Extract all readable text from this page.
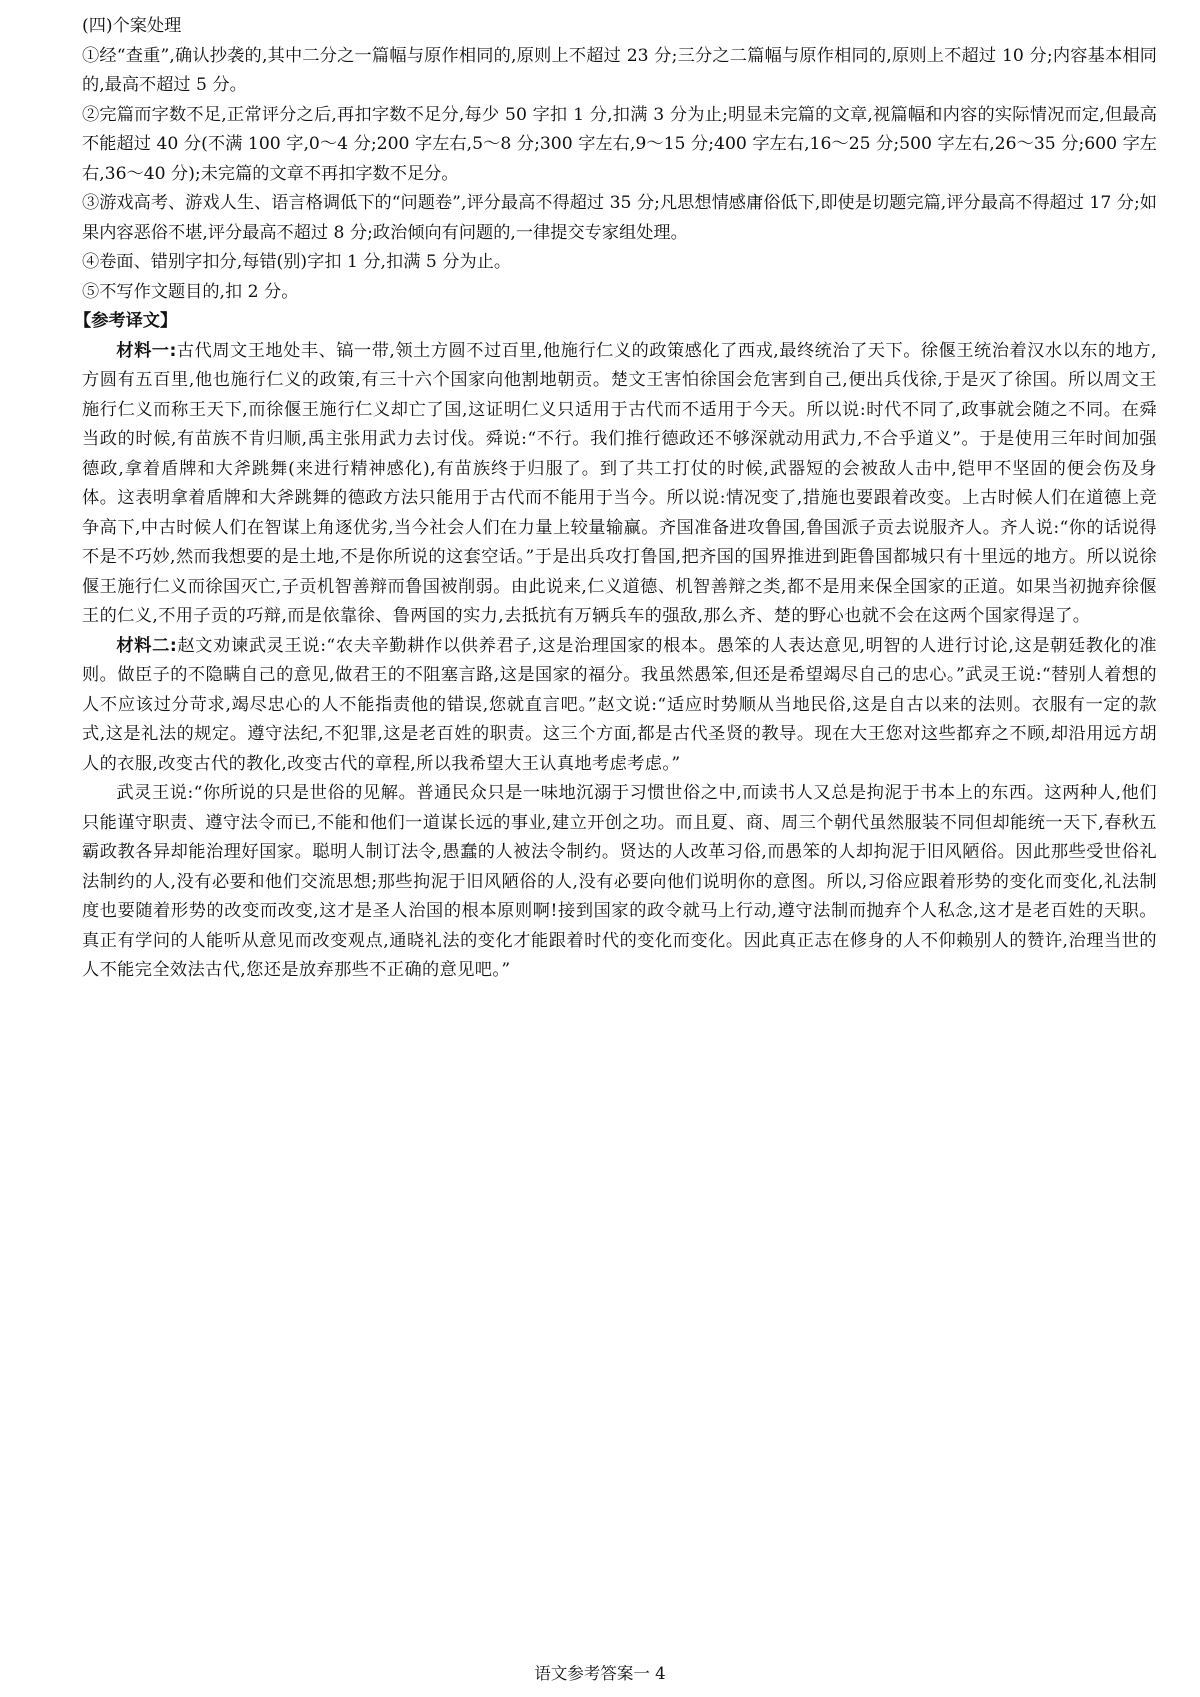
(四)个案处理

①经“查重”,确认抄袭的,其中二分之一篇幅与原作相同的,原则上不超过 23 分;三分之二篇幅与原作相同的,原则上不超过 10 分;内容基本相同的,最高不超过 5 分。

②完篇而字数不足,正常评分之后,再扣字数不足分,每少 50 字扣 1 分,扣满 3 分为止;明显未完篇的文章,视篇幅和内容的实际情况而定,但最高不能超过 40 分(不满 100 字,0～4 分;200 字左右,5～8 分;300 字左右,9～15 分;400 字左右,16～25 分;500 字左右,26～35 分;600 字左右,36～40 分);未完篇的文章不再扣字数不足分。

③游戏高考、游戏人生、语言格调低下的“问题卷”,评分最高不得超过 35 分;凡思想情感庸俗低下,即使是切题完篇,评分最高不得超过 17 分;如果内容恶俗不堪,评分最高不超过 8 分;政治倾向有问题的,一律提交专家组处理。

④卷面、错别字扣分,每错(别)字扣 1 分,扣满 5 分为止。

⑤不写作文题目的,扣 2 分。

【参考译文】

材料一:古代周文王地处丰、镐一带,领土方圆不过百里,他施行仁义的政策感化了西戎,最终统治了天下。徐偃王统治着汉水以东的地方,方圆有五百里,他也施行仁义的政策,有三十六个国家向他割地朝贡。楚文王害怕徐国会危害到自己,便出兵伐徐,于是灭了徐国。所以周文王施行仁义而称王天下,而徐偃王施行仁义却亡了国,这证明仁义只适用于古代而不适用于今天。所以说:时代不同了,政事就会随之不同。在舜当政的时候,有苗族不肯归顺,禹主张用武力去讨伐。舜说:“不行。我们推行德政还不够深就动用武力,不合乎道义”。于是使用三年时间加强德政,拿着盾牌和大斧跳舞(来进行精神感化),有苗族终于归服了。到了共工打仗的时候,武器短的会被敌人击中,铠甲不坚固的便会伤及身体。这表明拿着盾牌和大斧跳舞的德政方法只能用于古代而不能用于当今。所以说:情况变了,措施也要跟着改变。上古时候人们在道德上竞争高下,中古时候人们在智谋上角逐优劣,当今社会人们在力量上较量输赢。齐国准备进攻鲁国,鲁国派子贡去说服齐人。齐人说:“你的话说得不是不巧妙,然而我想要的是土地,不是你所说的这套空话。”于是出兵攻打鲁国,把齐国的国界推进到距鲁国都城只有十里远的地方。所以说徐偃王施行仁义而徐国灭亡,子贡机智善辩而鲁国被削弱。由此说来,仁义道德、机智善辩之类,都不是用来保全国家的正道。如果当初抛弃徐偃王的仁义,不用子贡的巧辩,而是依靠徐、鲁两国的实力,去抵抗有万辆兵车的强敌,那么齐、楚的野心也就不会在这两个国家得逞了。

材料二:赵文劝谏武灵王说:“农夫辛勤耕作以供养君子,这是治理国家的根本。愚笨的人表达意见,明智的人进行讨论,这是朝廷教化的准则。做臣子的不隐瞒自己的意见,做君王的不阻塞言路,这是国家的福分。我虽然愚笨,但还是希望竭尽自己的忠心。”武灵王说:“替别人着想的人不应该过分苛求,竭尽忠心的人不能指责他的错误,您就直言吧。”赵文说:“适应时势顺从当地民俗,这是自古以来的法则。衣服有一定的款式,这是礼法的规定。遵守法纪,不犯罪,这是老百姓的职责。这三个方面,都是古代圣贤的教导。现在大王您对这些都弃之不顾,却沿用远方胡人的衣服,改变古代的教化,改变古代的章程,所以我希望大王认真地考虑考虑。”

武灵王说:“你所说的只是世俗的见解。普通民众只是一味地沉溺于习惯世俗之中,而读书人又总是拘泥于书本上的东西。这两种人,他们只能谨守职责、遵守法令而已,不能和他们一道谋长远的事业,建立开创之功。而且夏、商、周三个朝代虽然服装不同但却能统一天下,春秋五霸政教各异却能治理好国家。聪明人制订法令,愚蠢的人被法令制约。贤达的人改革习俗,而愚笨的人却拘泥于旧风陋俗。因此那些受世俗礼法制约的人,没有必要和他们交流思想;那些拘泥于旧风陋俗的人,没有必要向他们说明你的意图。所以,习俗应跟着形势的变化而变化,礼法制度也要随着形势的改变而改变,这才是圣人治国的根本原则啊!接到国家的政令就马上行动,遵守法制而抛弃个人私念,这才是老百姓的天职。真正有学问的人能听从意见而改变观点,通晓礼法的变化才能跟着时代的变化而变化。因此真正志在修身的人不仰赖别人的赞许,治理当世的人不能完全效法古代,您还是放弃那些不正确的意见吧。”

语文参考答案一 4
